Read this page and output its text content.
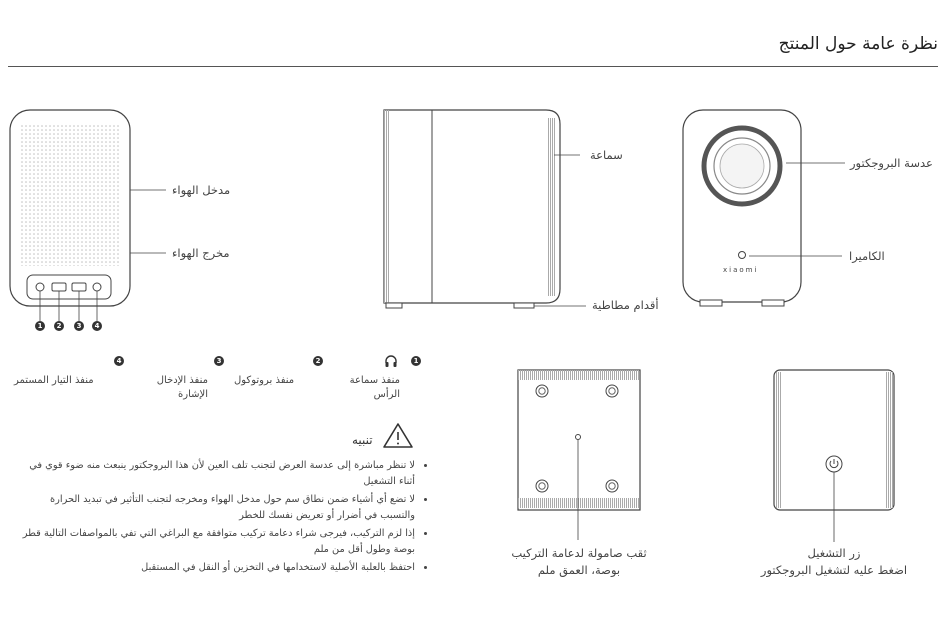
نظرة عامة حول المنتج
مدخل الهواء
مخرج الهواء
1	2	3	4
سماعة
أقدام مطاطية
عدسة البروجكتور
الكاميرا
xiaomi
1
منفذ سماعة الرأس
2
منفذ بروتوكول
3
منفذ الإدخال الإشارة
4
منفذ التيار المستمر
تنبيه
• لا تنظر مباشرة إلى عدسة العرض لتجنب تلف العين لأن هذا البروجكتور ينبعث منه ضوء قوي في أثناء التشغيل
• لا تضع أي أشياء ضمن نطاق سم حول مدخل الهواء ومخرجه لتجنب التأثير في تبديد الحرارة والتسبب في أضرار أو تعريض نفسك للخطر
• إذا لزم التركيب، فيرجى شراء دعامة تركيب متوافقة مع البراغي التي تفي بالمواصفات التالية قطر بوصة وطول أقل من ملم
• احتفظ بالعلبة الأصلية لاستخدامها في التخزين أو النقل في المستقبل
ثقب صامولة لدعامة التركيب
بوصة، العمق ملم
زر التشغيل
اضغط عليه لتشغيل البروجكتور
